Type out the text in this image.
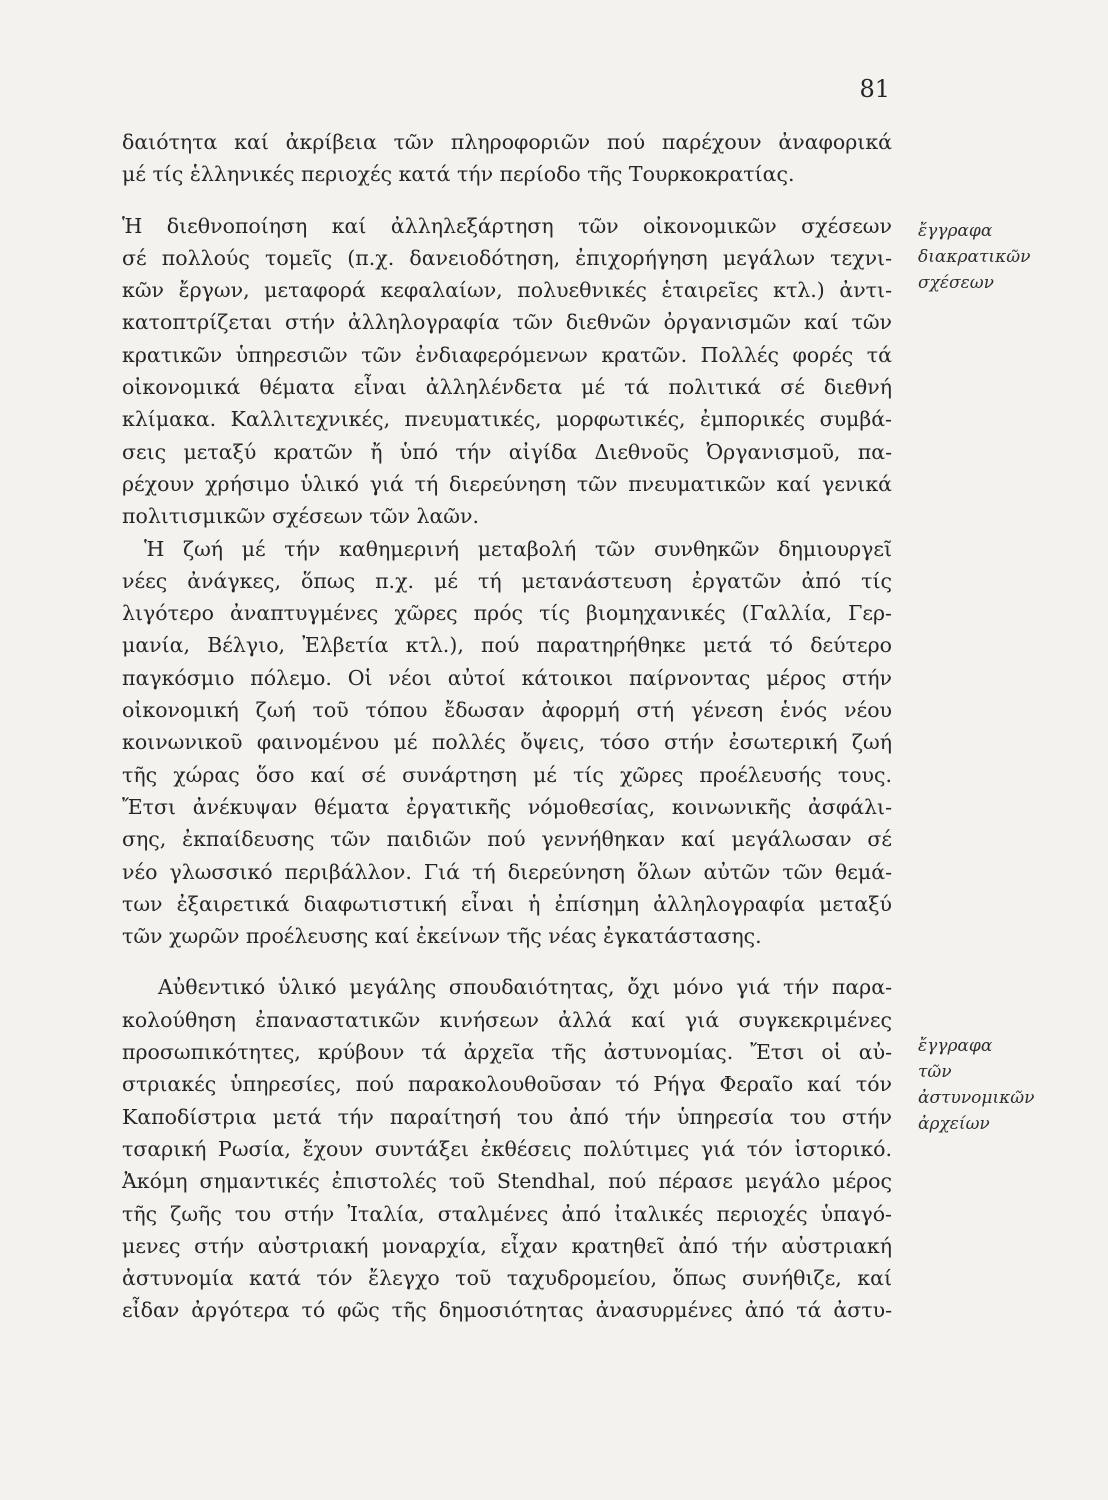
81
δαιότητα καί ἀκρίβεια τῶν πληροφοριῶν πού παρέχουν ἀναφορικά
μέ τίς ἑλληνικές περιοχές κατά τήν περίοδο τῆς Τουρκοκρατίας.
Ἡ διεθνοποίηση καί ἀλληλεξάρτηση τῶν οἰκονομικῶν σχέσεων
σέ πολλούς τομεῖς (π.χ. δανειοδότηση, ἐπιχορήγηση μεγάλων τεχνι-
κῶν ἔργων, μεταφορά κεφαλαίων, πολυεθνικές ἑταιρεῖες κτλ.) ἀντι-
κατοπτρίζεται στήν ἀλληλογραφία τῶν διεθνῶν ὀργανισμῶν καί τῶν
κρατικῶν ὑπηρεσιῶν τῶν ἐνδιαφερόμενων κρατῶν. Πολλές φορές τά
οἰκονομικά θέματα εἶναι ἀλληλένδετα μέ τά πολιτικά σέ διεθνή
κλίμακα. Καλλιτεχνικές, πνευματικές, μορφωτικές, ἐμπορικές συμβά-
σεις μεταξύ κρατῶν ἤ ὑπό τήν αἰγίδα Διεθνοῦς Ὀργανισμοῦ, πα-
ρέχουν χρήσιμο ὑλικό γιά τή διερεύνηση τῶν πνευματικῶν καί γενικά
πολιτισμικῶν σχέσεων τῶν λαῶν.
Ἡ ζωή μέ τήν καθημερινή μεταβολή τῶν συνθηκῶν δημιουργεῖ
νέες ἀνάγκες, ὅπως π.χ. μέ τή μετανάστευση ἐργατῶν ἀπό τίς
λιγότερο ἀναπτυγμένες χῶρες πρός τίς βιομηχανικές (Γαλλία, Γερ-
μανία, Βέλγιο, Ἐλβετία κτλ.), πού παρατηρήθηκε μετά τό δεύτερο
παγκόσμιο πόλεμο. Οἱ νέοι αὐτοί κάτοικοι παίρνοντας μέρος στήν
οἰκονομική ζωή τοῦ τόπου ἔδωσαν ἀφορμή στή γένεση ἑνός νέου
κοινωνικοῦ φαινομένου μέ πολλές ὄψεις, τόσο στήν ἐσωτερική ζωή
τῆς χώρας ὅσο καί σέ συνάρτηση μέ τίς χῶρες προέλευσής τους.
Ἔτσι ἀνέκυψαν θέματα ἐργατικῆς νόμοθεσίας, κοινωνικῆς ἀσφάλι-
σης, ἐκπαίδευσης τῶν παιδιῶν πού γεννήθηκαν καί μεγάλωσαν σέ
νέο γλωσσικό περιβάλλον. Γιά τή διερεύνηση ὅλων αὐτῶν τῶν θεμά-
των ἐξαιρετικά διαφωτιστική εἶναι ἡ ἐπίσημη ἀλληλογραφία μεταξύ
τῶν χωρῶν προέλευσης καί ἐκείνων τῆς νέας ἐγκατάστασης.
Αὐθεντικό ὑλικό μεγάλης σπουδαιότητας, ὄχι μόνο γιά τήν παρα-
κολούθηση ἐπαναστατικῶν κινήσεων ἀλλά καί γιά συγκεκριμένες
προσωπικότητες, κρύβουν τά ἀρχεῖα τῆς ἀστυνομίας. Ἔτσι οἱ αὐ-
στριακές ὑπηρεσίες, πού παρακολουθοῦσαν τό Ρήγα Φεραῖο καί τόν
Καποδίστρια μετά τήν παραίτησή του ἀπό τήν ὑπηρεσία του στήν
τσαρική Ρωσία, ἔχουν συντάξει ἐκθέσεις πολύτιμες γιά τόν ἱστορικό.
Ἀκόμη σημαντικές ἐπιστολές τοῦ Stendhal, πού πέρασε μεγάλο μέρος
τῆς ζωῆς του στήν Ἰταλία, σταλμένες ἀπό ἰταλικές περιοχές ὑπαγό-
μενες στήν αὐστριακή μοναρχία, εἶχαν κρατηθεῖ ἀπό τήν αὐστριακή
ἀστυνομία κατά τόν ἔλεγχο τοῦ ταχυδρομείου, ὅπως συνήθιζε, καί
εἶδαν ἀργότερα τό φῶς τῆς δημοσιότητας ἀνασυρμένες ἀπό τά ἀστυ-
ἔγγραφα
διακρατικῶν
σχέσεων
ἔγγραφα
τῶν
ἀστυνομικῶν
ἀρχείων
